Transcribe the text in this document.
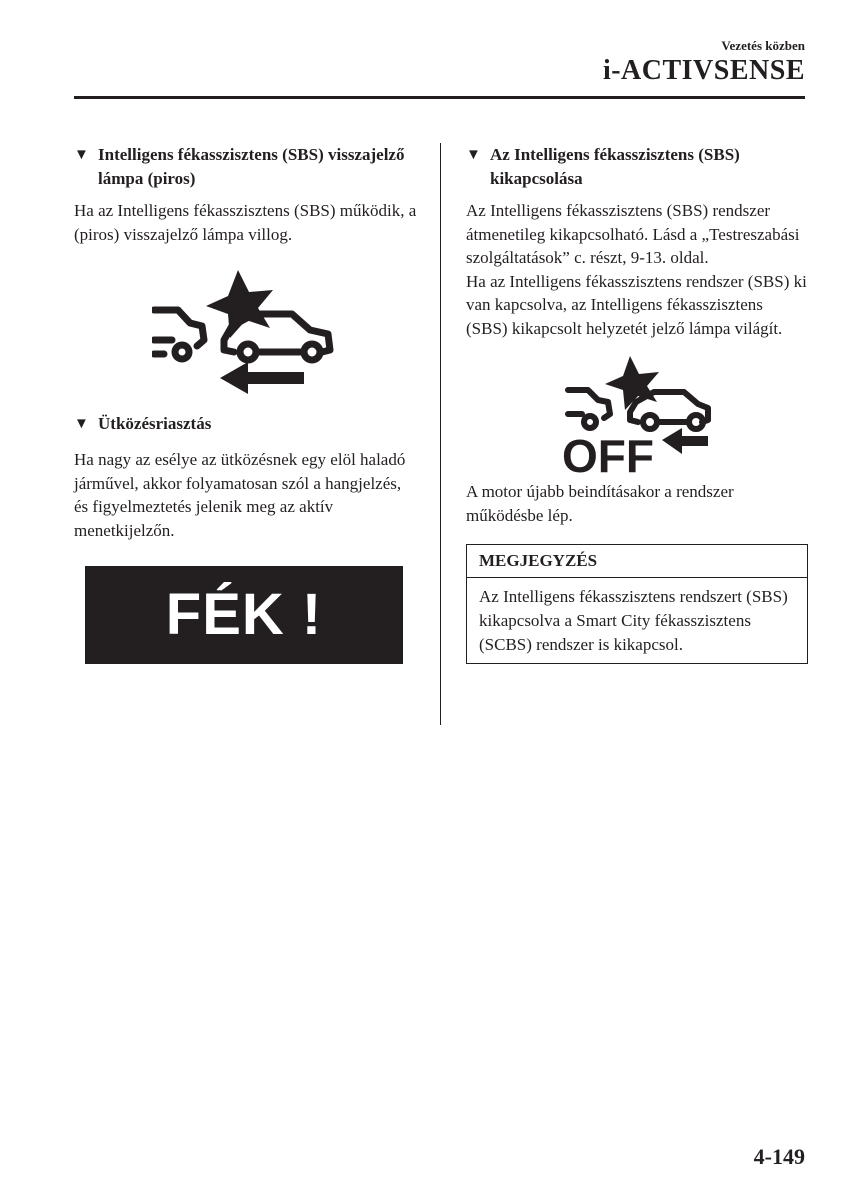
Vezetés közben
i-ACTIVSENSE
▼ Intelligens fékasszisztens (SBS) visszajelző lámpa (piros)

Ha az Intelligens fékasszisztens (SBS) működik, a (piros) visszajelző lámpa villog.

▼ Ütközésriasztás

Ha nagy az esélye az ütközésnek egy elöl haladó járművel, akkor folyamatosan szól a hangjelzés, és figyelmeztetés jelenik meg az aktív menetkijelzőn.

FÉK !
▼ Az Intelligens fékasszisztens (SBS) kikapcsolása

Az Intelligens fékasszisztens (SBS) rendszer átmenetileg kikapcsolható. Lásd a „Testreszabási szolgáltatások” c. részt, 9-13. oldal.

Ha az Intelligens fékasszisztens rendszer (SBS) ki van kapcsolva, az Intelligens fékasszisztens (SBS) kikapcsolt helyzetét jelző lámpa világít.

OFF

A motor újabb beindításakor a rendszer működésbe lép.

MEGJEGYZÉS
Az Intelligens fékasszisztens rendszert (SBS) kikapcsolva a Smart City fékasszisztens (SCBS) rendszer is kikapcsol.
4-149
